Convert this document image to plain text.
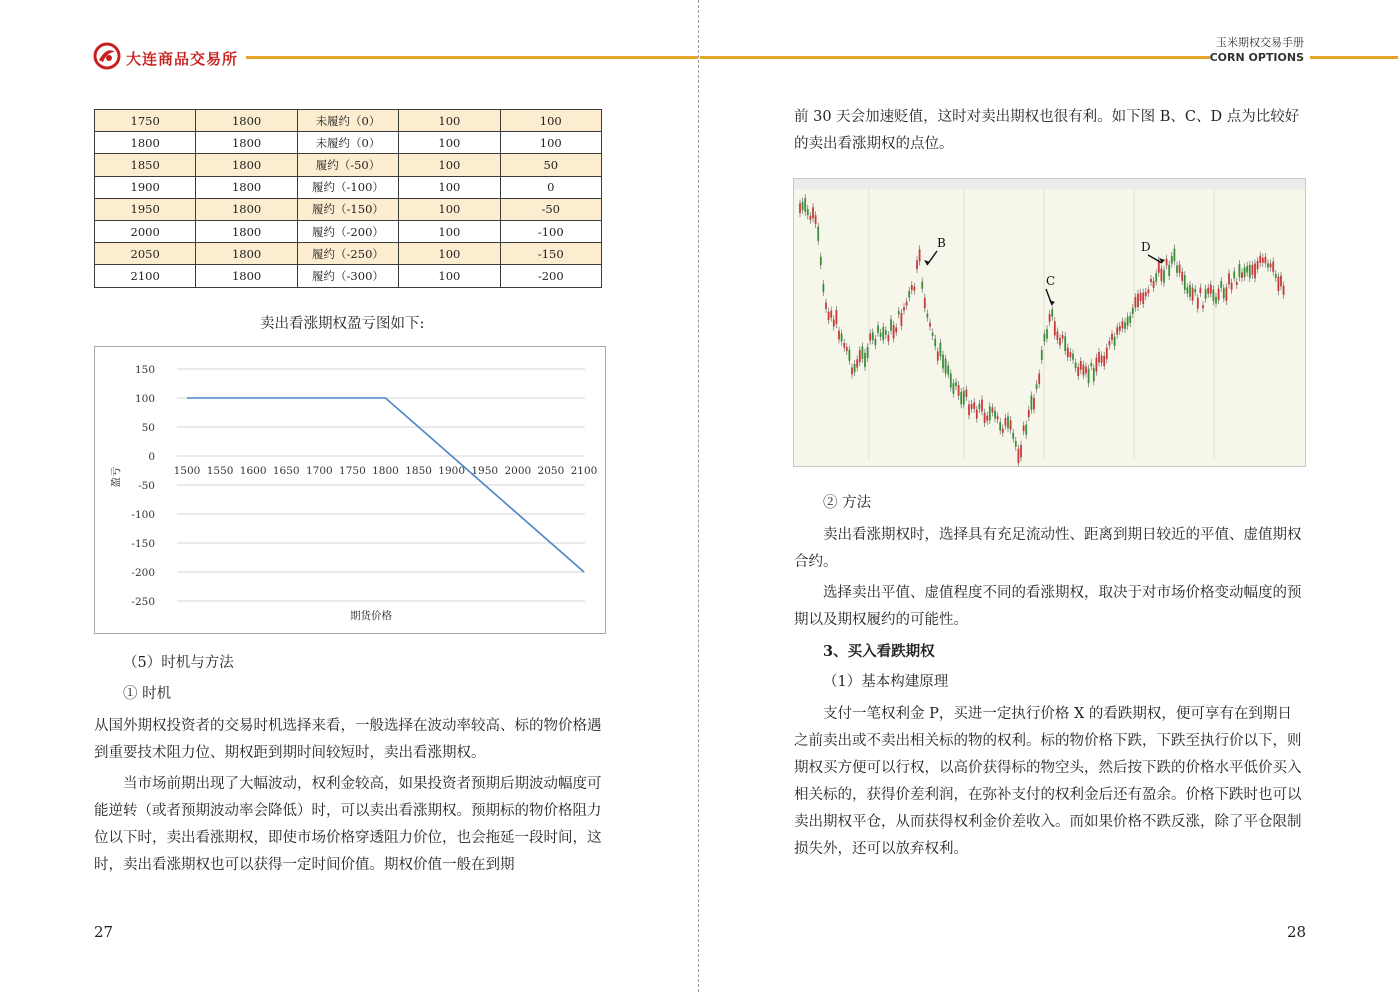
大连商品交易所
玉米期权交易手册
CORN OPTIONS
1750	1800	未履约（0）	100	100
1800	1800	未履约（0）	100	100
1850	1800	履约（-50）	100	50
1900	1800	履约（-100）	100	0
1950	1800	履约（-150）	100	-50
2000	1800	履约（-200）	100	-100
2050	1800	履约（-250）	100	-150
2100	1800	履约（-300）	100	-200
卖出看涨期权盈亏图如下:
150
100
50
0
-50
-100
-150
-200
-250
1500 1550 1600 1650 1700 1750 1800 1850 1900 1950 2000 2050 2100
期货价格
盈亏
（5）时机与方法
① 时机
从国外期权投资者的交易时机选择来看，一般选择在波动率较高、标的物价格遇到重要技术阻力位、期权距到期时间较短时，卖出看涨期权。
当市场前期出现了大幅波动，权利金较高，如果投资者预期后期波动幅度可能逆转（或者预期波动率会降低）时，可以卖出看涨期权。预期标的物价格阻力位以下时，卖出看涨期权，即使市场价格穿透阻力价位，也会拖延一段时间，这时，卖出看涨期权也可以获得一定时间价值。期权价值一般在到期
27
前 30 天会加速贬值，这时对卖出期权也很有利。如下图 B、C、D 点为比较好的卖出看涨期权的点位。
B
C
D
② 方法
卖出看涨期权时，选择具有充足流动性、距离到期日较近的平值、虚值期权合约。
选择卖出平值、虚值程度不同的看涨期权，取决于对市场价格变动幅度的预期以及期权履约的可能性。
3、买入看跌期权
（1）基本构建原理
支付一笔权利金 P，买进一定执行价格 X 的看跌期权，便可享有在到期日之前卖出或不卖出相关标的物的权利。标的物价格下跌，下跌至执行价以下，则期权买方便可以行权，以高价获得标的物空头，然后按下跌的价格水平低价买入相关标的，获得价差利润，在弥补支付的权利金后还有盈余。价格下跌时也可以卖出期权平仓，从而获得权利金价差收入。而如果价格不跌反涨，除了平仓限制损失外，还可以放弃权利。
28
